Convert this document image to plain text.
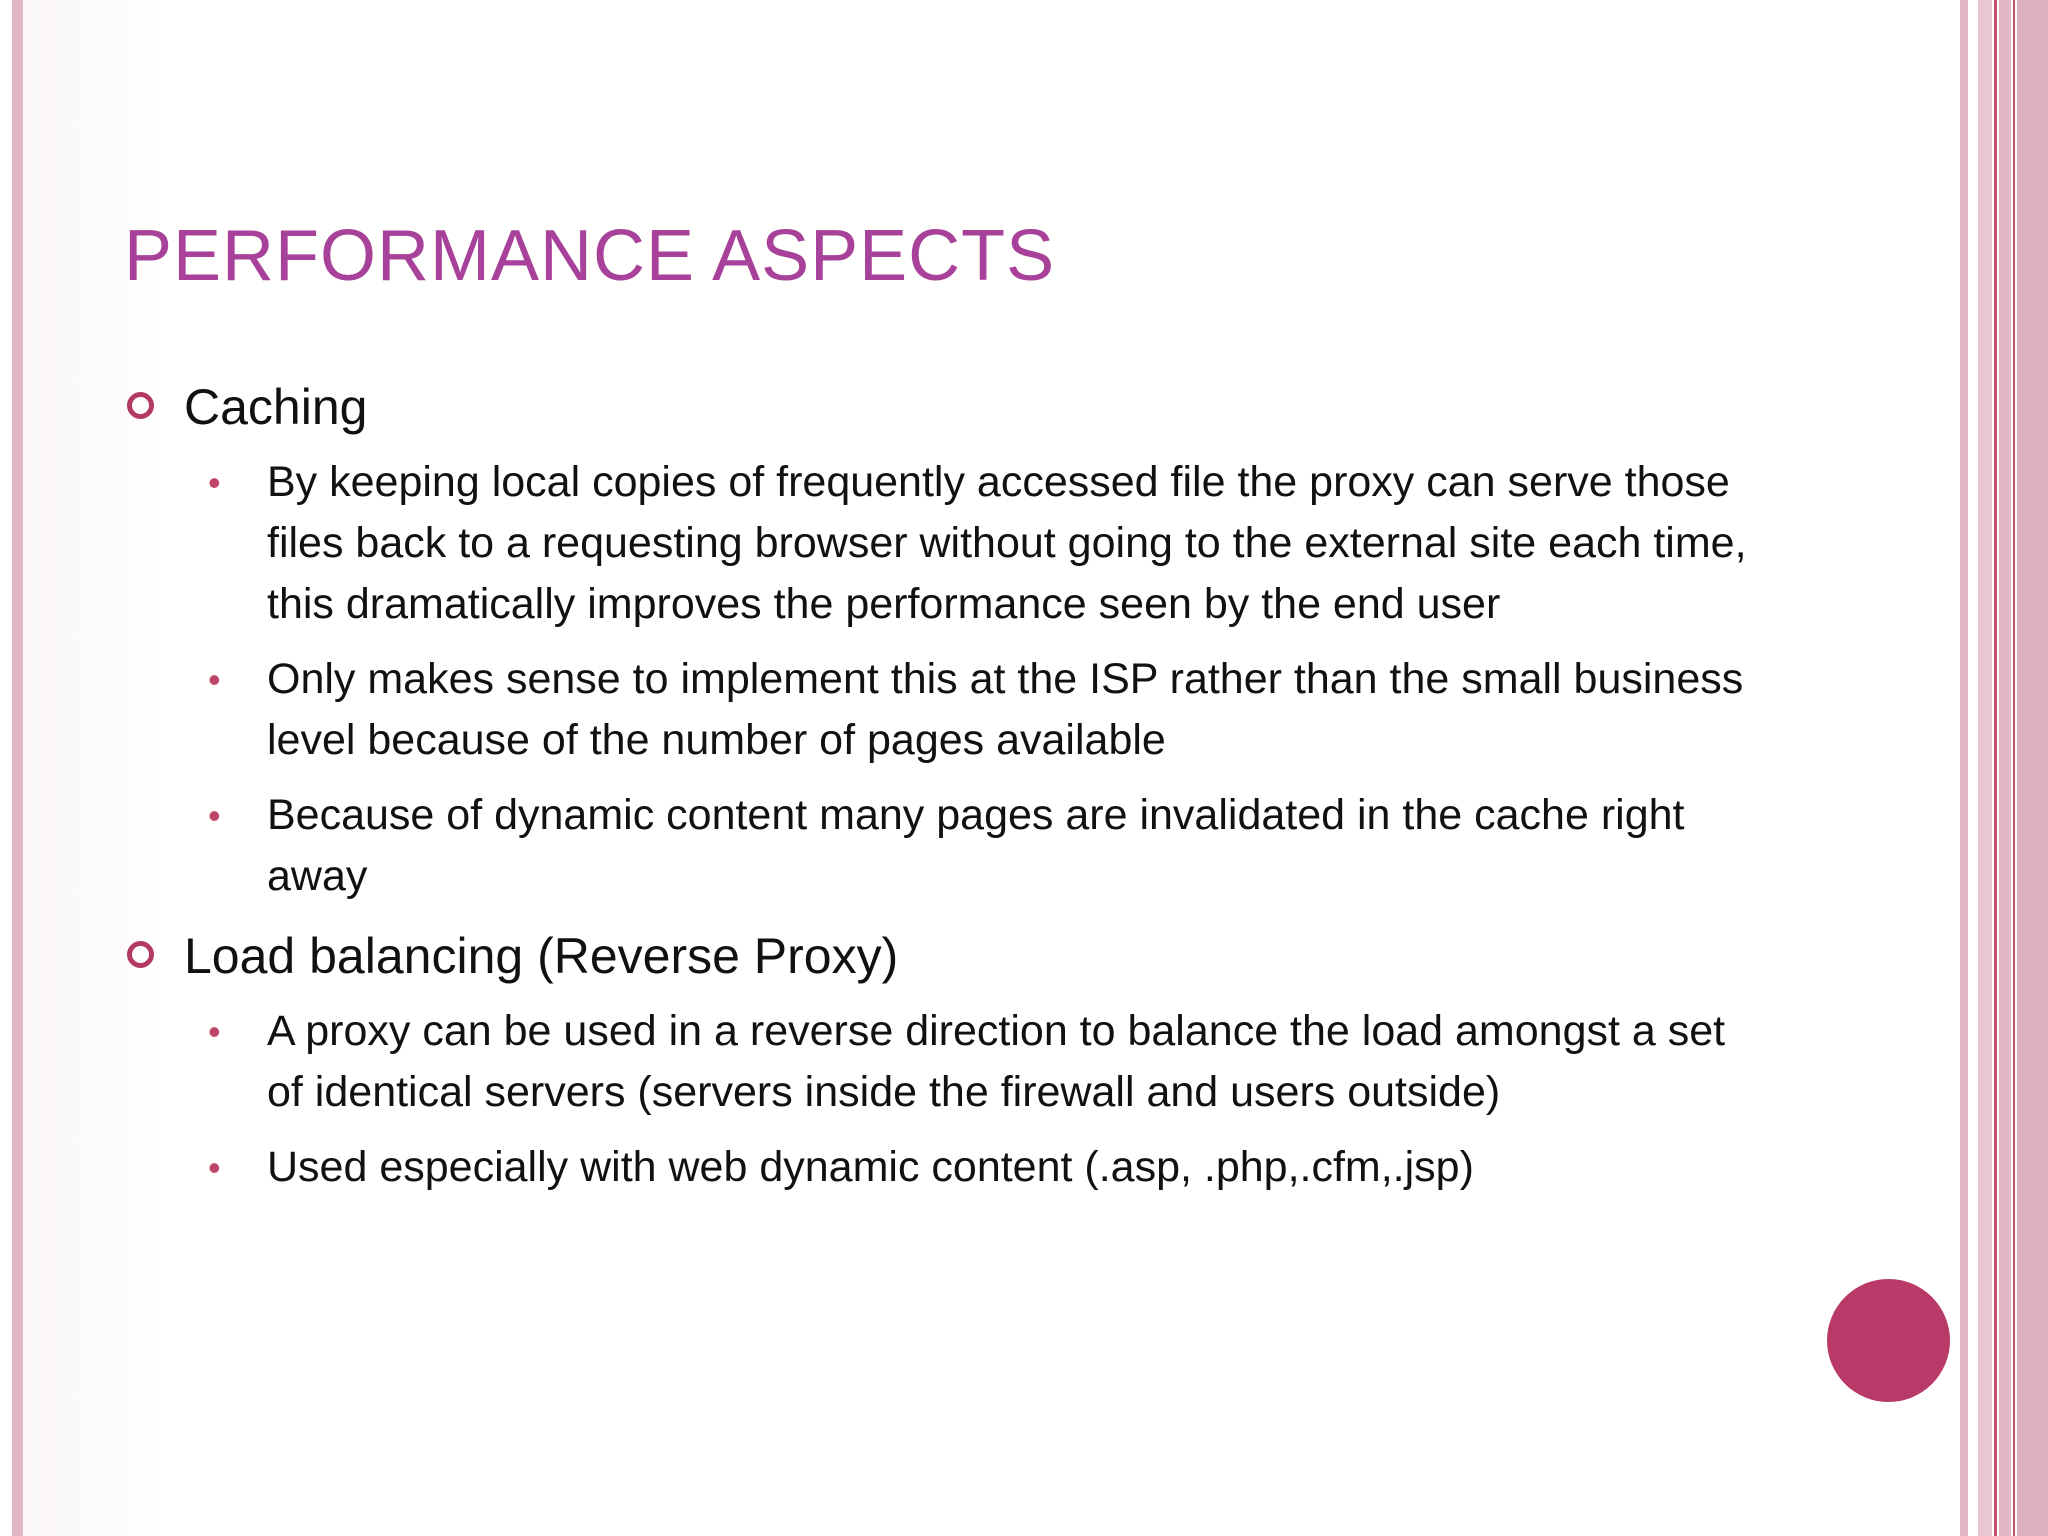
PERFORMANCE ASPECTS
Caching
• By keeping local copies of frequently accessed file the proxy can serve those files back to a requesting browser without going to the external site each time, this dramatically improves the performance seen by the end user
• Only makes sense to implement this at the ISP rather than the small business level because of the number of pages available
• Because of dynamic content many pages are invalidated in the cache right away
Load balancing (Reverse Proxy)
• A proxy can be used in a reverse direction to balance the load amongst a set of identical servers (servers inside the firewall and users outside)
• Used especially with web dynamic content (.asp, .php,.cfm,.jsp)
